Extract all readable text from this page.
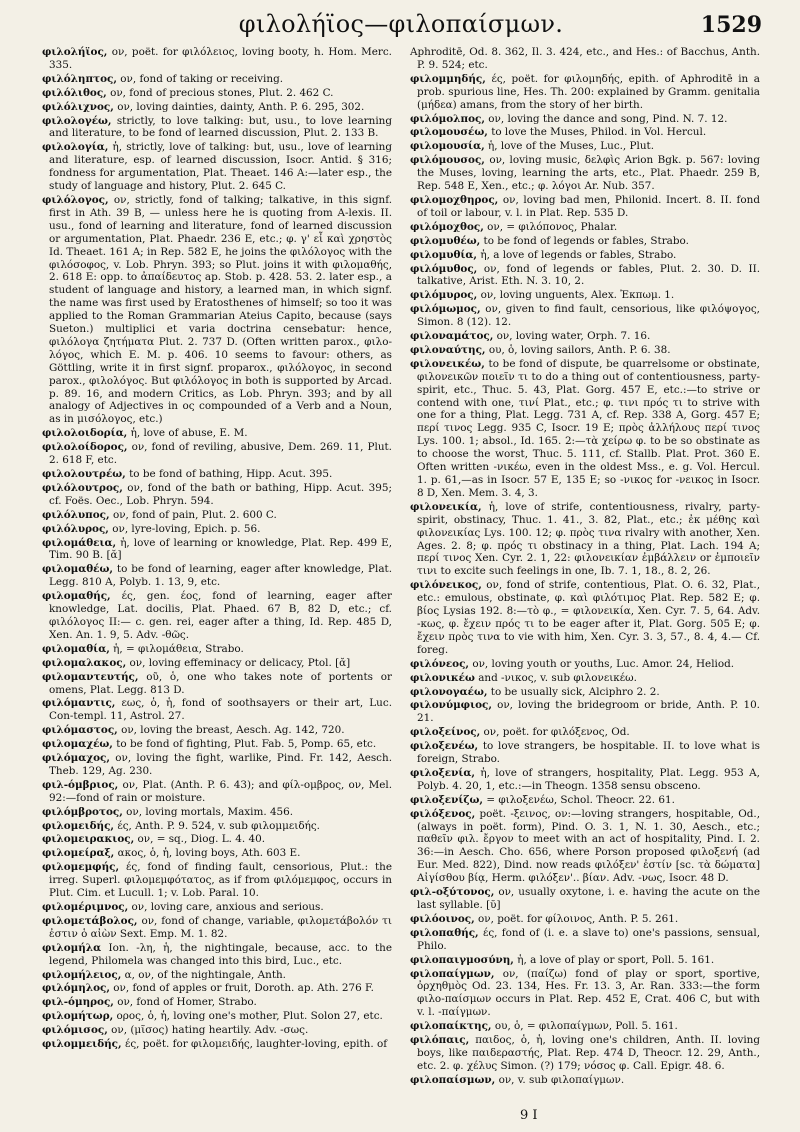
φιλολήϊος—φιλοπαίσμων.	1529

φιλολήϊος, ον, poët. for φιλόλειος, loving booty, h. Hom. Merc. 335.

φιλόληπτος, ον, fond of taking or receiving.

φιλόλιθος, ον, fond of precious stones, Plut. 2. 462 C.

φιλόλιχνος, ον, loving dainties, dainty, Anth. P. 6. 295, 302.

φιλολογέω, strictly, to love talking: but, usu., to love learning and literature, to be fond of learned discussion, Plut. 2. 133 B.

φιλολογία, ἡ, strictly, love of talking: but, usu., love of learning and literature, esp. of learned discussion, Isocr. Antid. § 316; fondness for argumentation, Plat. Theaet. 146 A:—later esp., the study of language and history, Plut. 2. 645 C.

φιλόλογος, ον, strictly, fond of talking; talkative, in this signf. first in Ath. 39 B, — unless here he is quoting from A-lexis. II. usu., fond of learning and literature, fond of learned discussion or argumentation, Plat. Phaedr. 236 E, etc.; φ. γ' εἶ καὶ χρηστὸς Id. Theaet. 161 A; in Rep. 582 E, he joins the φιλόλογος with the φιλόσοφος, v. Lob. Phryn. 393; so Plut. joins it with φιλομαθής, 2. 618 E: opp. to ἀπαίδευτος ap. Stob. p. 428. 53. 2. later esp., a student of language and history, a learned man, in which signf. the name was first used by Eratosthenes of himself; so too it was applied to the Roman Grammarian Ateius Capito, because (says Sueton.) multiplici et varia doctrina censebatur: hence, φιλόλογα ζητήματα Plut. 2. 737 D. (Often written parox., φιλο-λόγος, which E. M. p. 406. 10 seems to favour: others, as Göttling, write it in first signf. proparox., φιλόλογος, in second parox., φιλολόγος. But φιλόλογος in both is supported by Arcad. p. 89. 16, and modern Critics, as Lob. Phryn. 393; and by all analogy of Adjectives in ος compounded of a Verb and a Noun, as in μισόλογος, etc.)

φιλολοιδορία, ἡ, love of abuse, E. M.

φιλολοίδορος, ον, fond of reviling, abusive, Dem. 269. 11, Plut. 2. 618 F, etc.

φιλολουτρέω, to be fond of bathing, Hipp. Acut. 395.

φιλόλουτρος, ον, fond of the bath or bathing, Hipp. Acut. 395; cf. Foës. Oec., Lob. Phryn. 594.

φιλόλυπος, ον, fond of pain, Plut. 2. 600 C.

φιλόλυρος, ον, lyre-loving, Epich. p. 56.

φιλομάθεια, ἡ, love of learning or knowledge, Plat. Rep. 499 E, Tim. 90 B. [ᾰ]

φιλομαθέω, to be fond of learning, eager after knowledge, Plat. Legg. 810 A, Polyb. 1. 13, 9, etc.

φιλομαθής, ές, gen. έος, fond of learning, eager after knowledge, Lat. docilis, Plat. Phaed. 67 B, 82 D, etc.; cf. φιλόλογος II:— c. gen. rei, eager after a thing, Id. Rep. 485 D, Xen. An. 1. 9, 5. Adv. -θῶς.

φιλομαθία, ἡ, = φιλομάθεια, Strabo.

φιλομαλακος, ον, loving effeminacy or delicacy, Ptol. [ᾰ]

φιλομαντευτής, οῦ, ὁ, one who takes note of portents or omens, Plat. Legg. 813 D.

φιλόμαντις, εως, ὁ, ἡ, fond of soothsayers or their art, Luc. Con-templ. 11, Astrol. 27.

φιλόμαστος, ον, loving the breast, Aesch. Ag. 142, 720.

φιλομαχέω, to be fond of fighting, Plut. Fab. 5, Pomp. 65, etc.

φιλόμαχος, ον, loving the fight, warlike, Pind. Fr. 142, Aesch. Theb. 129, Ag. 230.

φιλ-όμβριος, ον, Plat. (Anth. P. 6. 43); and φίλ-ομβρος, ον, Mel. 92:—fond of rain or moisture.

φιλόμβροτος, ον, loving mortals, Maxim. 456.

φιλομειδής, ές, Anth. P. 9. 524, v. sub φιλομμειδής.

φιλομειρακιος, ον, = sq., Diog. L. 4. 40.

φιλομείραξ, ακος, ὁ, ἡ, loving boys, Ath. 603 E.

φιλομεμφής, ές, fond of finding fault, censorious, Plut.: the irreg. Superl. φιλομεμφότατος, as if from φιλόμεμφος, occurs in Plut. Cim. et Lucull. 1; v. Lob. Paral. 10.

φιλομέριμνος, ον, loving care, anxious and serious.

φιλομετάβολος, ον, fond of change, variable, φιλομετάβολόν τι ἐστιν ὁ αἰὼν Sext. Emp. M. 1. 82.

φιλομήλα Ion. -λη, ἡ, the nightingale, because, acc. to the legend, Philomela was changed into this bird, Luc., etc.

φιλομήλειος, α, ον, of the nightingale, Anth.

φιλόμηλος, ον, fond of apples or fruit, Doroth. ap. Ath. 276 F.

φιλ-όμηρος, ον, fond of Homer, Strabo.

φιλομήτωρ, ορος, ὁ, ἡ, loving one's mother, Plut. Solon 27, etc.

φιλόμισος, ον, (μῖσος) hating heartily. Adv. -σως.

φιλομμειδής, ές, poët. for φιλομειδής, laughter-loving, epith. of

Aphroditē, Od. 8. 362, Il. 3. 424, etc., and Hes.: of Bacchus, Anth. P. 9. 524; etc.

φιλομμηδής, ές, poët. for φιλομηδής, epith. of Aphroditē in a prob. spurious line, Hes. Th. 200: explained by Gramm. genitalia (μήδεα) amans, from the story of her birth.

φιλόμολπος, ον, loving the dance and song, Pind. N. 7. 12.

φιλομουσέω, to love the Muses, Philod. in Vol. Hercul.

φιλομουσία, ἡ, love of the Muses, Luc., Plut.

φιλόμουσος, ον, loving music, δελφὶς Arion Bgk. p. 567: loving the Muses, loving, learning the arts, etc., Plat. Phaedr. 259 B, Rep. 548 E, Xen., etc.; φ. λόγοι Ar. Nub. 357.

φιλομοχθηρος, ον, loving bad men, Philonid. Incert. 8. II. fond of toil or labour, v. l. in Plat. Rep. 535 D.

φιλόμοχθος, ον, = φιλόπονος, Phalar.

φιλομυθέω, to be fond of legends or fables, Strabo.

φιλομυθία, ἡ, a love of legends or fables, Strabo.

φιλόμυθος, ον, fond of legends or fables, Plut. 2. 30. D. II. talkative, Arist. Eth. N. 3. 10, 2.

φιλόμυρος, ον, loving unguents, Alex. Ἐκπωμ. 1.

φιλόμωμος, ον, given to find fault, censorious, like φιλόψογος, Simon. 8 (12). 12.

φιλοναμάτος, ον, loving water, Orph. 7. 16.

φιλοναύτης, ου, ὁ, loving sailors, Anth. P. 6. 38.

φιλονεικέω, to be fond of dispute, be quarrelsome or obstinate, φιλονεικῶν ποιεῖν τι to do a thing out of contentiousness, party-spirit, etc., Thuc. 5. 43, Plat. Gorg. 457 E, etc.:—to strive or contend with one, τινί Plat., etc.; φ. τινι πρός τι to strive with one for a thing, Plat. Legg. 731 A, cf. Rep. 338 A, Gorg. 457 E; περί τινος Legg. 935 C, Isocr. 19 E; πρὸς ἀλλήλους περί τινος Lys. 100. 1; absol., Id. 165. 2:—τὰ χείρω φ. to be so obstinate as to choose the worst, Thuc. 5. 111, cf. Stallb. Plat. Prot. 360 E. Often written -νικέω, even in the oldest Mss., e. g. Vol. Hercul. 1. p. 61,—as in Isocr. 57 E, 135 E; so -νικος for -νεικος in Isocr. 8 D, Xen. Mem. 3. 4, 3.

φιλονεικία, ἡ, love of strife, contentiousness, rivalry, party-spirit, obstinacy, Thuc. 1. 41., 3. 82, Plat., etc.; ἐκ μέθης καὶ φιλονεικίας Lys. 100. 12; φ. πρὸς τινα rivalry with another, Xen. Ages. 2. 8; φ. πρός τι obstinacy in a thing, Plat. Lach. 194 A; περί τινος Xen. Cyr. 2. 1, 22: φιλονεικίαν ἐμβάλλειν or ἐμποιεῖν τινι to excite such feelings in one, Ib. 7. 1, 18., 8. 2, 26.

φιλόνεικος, ον, fond of strife, contentious, Plat. O. 6. 32, Plat., etc.: emulous, obstinate, φ. καὶ φιλότιμος Plat. Rep. 582 E; φ. βίος Lysias 192. 8:—τὸ φ., = φιλονεικία, Xen. Cyr. 7. 5, 64. Adv. -κως, φ. ἔχειν πρός τι to be eager after it, Plat. Gorg. 505 E; φ. ἔχειν πρὸς τινα to vie with him, Xen. Cyr. 3. 3, 57., 8. 4, 4.— Cf. foreg.

φιλόνεος, ον, loving youth or youths, Luc. Amor. 24, Heliod.

φιλονικέω and -νικος, v. sub φιλονεικέω.

φιλονογαέω, to be usually sick, Alciphro 2. 2.

φιλονύμφιος, ον, loving the bridegroom or bride, Anth. P. 10. 21.

φιλοξείνος, ον, poët. for φιλόξενος, Od.

φιλοξενέω, to love strangers, be hospitable. II. to love what is foreign, Strabo.

φιλοξενία, ἡ, love of strangers, hospitality, Plat. Legg. 953 A, Polyb. 4. 20, 1, etc.:—in Theogn. 1358 sensu obsceno.

φιλοξενίζω, = φιλοξενέω, Schol. Theocr. 22. 61.

φιλόξενος, poët. -ξεινος, ον:—loving strangers, hospitable, Od., (always in poët. form), Pind. O. 3. 1, N. 1. 30, Aesch., etc.; παθεῖν φιλ. ἔργον to meet with an act of hospitality, Pind. I. 2. 36:—in Aesch. Cho. 656, where Porson proposed φιλοξενή (ad Eur. Med. 822), Dind. now reads φιλόξεν' ἐστίν [sc. τὰ δώματα] Αἰγίσθου βίᾳ, Herm. φιλόξεν'.. βίαν. Adv. -νως, Isocr. 48 D.

φιλ-οξύτονος, ον, usually oxytone, i. e. having the acute on the last syllable. [ῠ]

φιλόοινος, ον, poët. for φίλοινος, Anth. P. 5. 261.

φιλοπαθής, ές, fond of (i. e. a slave to) one's passions, sensual, Philo.

φιλοπαιγμοσύνη, ἡ, a love of play or sport, Poll. 5. 161.

φιλοπαίγμων, ον, (παίζω) fond of play or sport, sportive, ὀρχηθμὸς Od. 23. 134, Hes. Fr. 13. 3, Ar. Ran. 333:—the form φιλο-παίσμων occurs in Plat. Rep. 452 E, Crat. 406 C, but with v. l. -παίγμων.

φιλοπαίκτης, ου, ὁ, = φιλοπαίγμων, Poll. 5. 161.

φιλόπαις, παιδος, ὁ, ἡ, loving one's children, Anth. II. loving boys, like παιδεραστής, Plat. Rep. 474 D, Theocr. 12. 29, Anth., etc. 2. φ. χέλυς Simon. (?) 179; νόσος φ. Call. Epigr. 48. 6.

φιλοπαίσμων, ον, v. sub φιλοπαίγμων.

9 I
